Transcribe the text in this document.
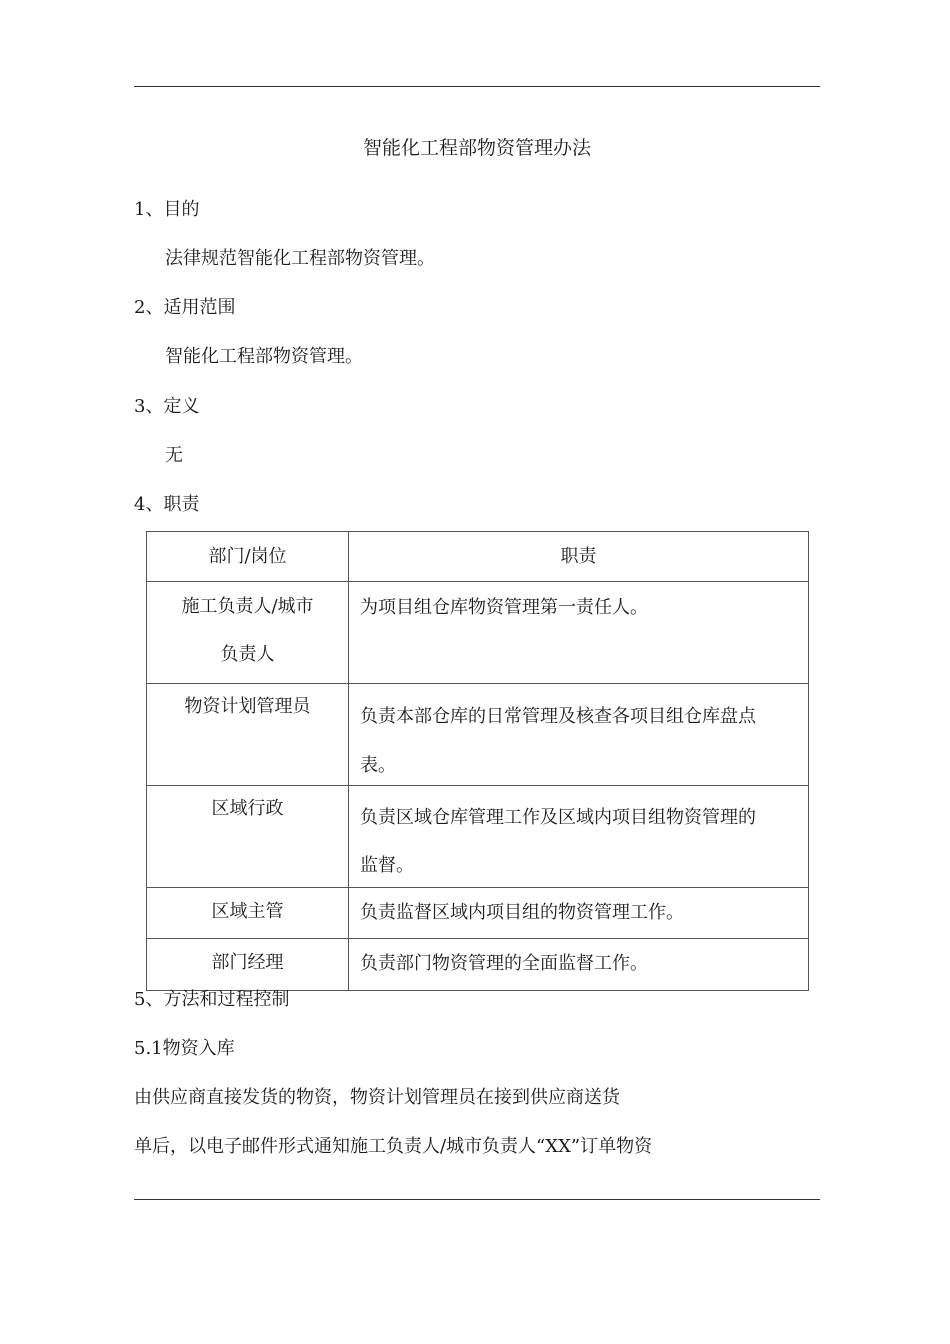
智能化工程部物资管理办法
1、目的
法律规范智能化工程部物资管理。
2、适用范围
智能化工程部物资管理。
3、定义
无
4、职责
部门/岗位	职责

施工负责人/城市
负责人	为项目组仓库物资管理第一责任人。

物资计划管理员	负责本部仓库的日常管理及核查各项目组仓库盘点
表。

区域行政	负责区域仓库管理工作及区域内项目组物资管理的
监督。

区域主管	负责监督区域内项目组的物资管理工作。

部门经理	负责部门物资管理的全面监督工作。
5、方法和过程控制
5.1物资入库
由供应商直接发货的物资，物资计划管理员在接到供应商送货
单后，以电子邮件形式通知施工负责人/城市负责人“XX”订单物资
